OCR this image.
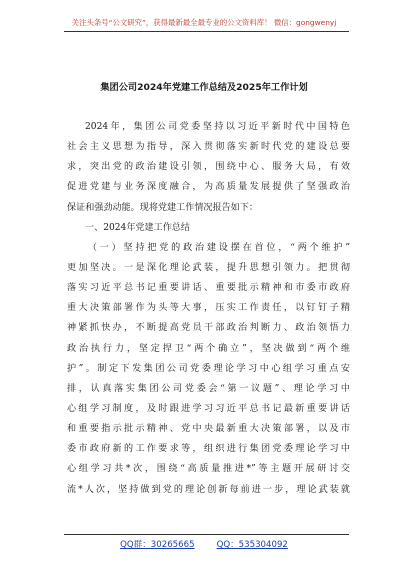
关注头条号“公文研究”，获得最新最全最专业的公文资料库！ 微信：gongwenyj
集团公司2024年党建工作总结及2025年工作计划
2024年，集团公司党委坚持以习近平新时代中国特色
社会主义思想为指导，深入贯彻落实新时代党的建设总要
求，突出党的政治建设引领，围绕中心、服务大局，有效
促进党建与业务深度融合，为高质量发展提供了坚强政治
保证和强劲动能。现将党建工作情况报告如下：
一、2024年党建工作总结
（一）坚持把党的政治建设摆在首位，“两个维护”
更加坚决。一是深化理论武装，提升思想引领力。把贯彻
落实习近平总书记重要讲话、重要批示精神和市委市政府
重大决策部署作为头等大事，压实工作责任，以钉钉子精
神紧抓快办，不断提高党员干部政治判断力、政治领悟力
政治执行力，坚定捍卫“两个确立”，坚决做到“两个维
护”。制定下发集团公司党委理论学习中心组学习重点安
排，认真落实集团公司党委会“第一议题”、理论学习中
心组学习制度，及时跟进学习习近平总书记最新重要讲话
和重要指示批示精神、党中央最新重大决策部署，以及市
委市政府新的工作要求等，组织进行集团党委理论学习中
心组学习共*次，围绕“高质量推进*”等主题开展研讨交
流*人次，坚持做到党的理论创新每前进一步，理论武装就
QQ群：30265665	QQ：535304092
